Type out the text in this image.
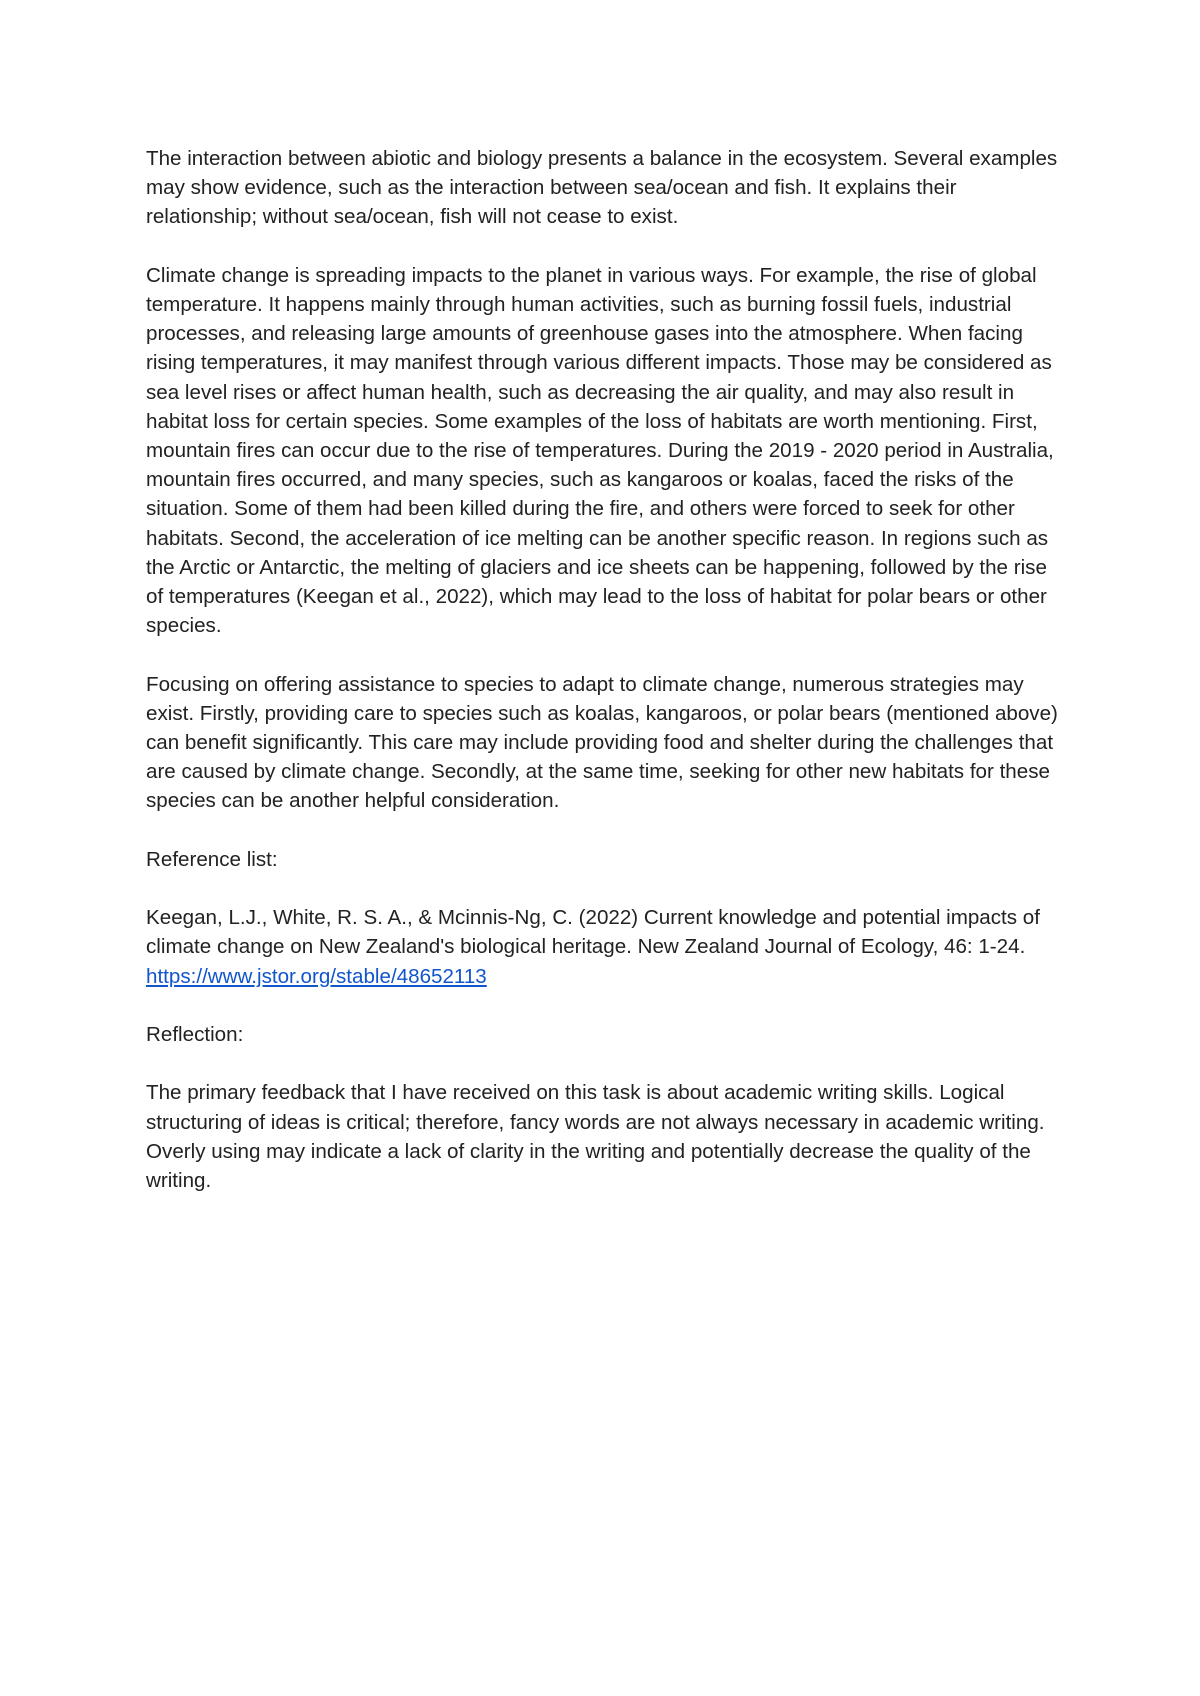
The interaction between abiotic and biology presents a balance in the ecosystem. Several examples may show evidence, such as the interaction between sea/ocean and fish. It explains their relationship; without sea/ocean, fish will not cease to exist.

Climate change is spreading impacts to the planet in various ways. For example, the rise of global temperature. It happens mainly through human activities, such as burning fossil fuels, industrial processes, and releasing large amounts of greenhouse gases into the atmosphere. When facing rising temperatures, it may manifest through various different impacts. Those may be considered as sea level rises or affect human health, such as decreasing the air quality, and may also result in habitat loss for certain species. Some examples of the loss of habitats are worth mentioning. First, mountain fires can occur due to the rise of temperatures. During the 2019 - 2020 period in Australia, mountain fires occurred, and many species, such as kangaroos or koalas, faced the risks of the situation. Some of them had been killed during the fire, and others were forced to seek for other habitats. Second, the acceleration of ice melting can be another specific reason. In regions such as the Arctic or Antarctic, the melting of glaciers and ice sheets can be happening, followed by the rise of temperatures (Keegan et al., 2022), which may lead to the loss of habitat for polar bears or other species.

Focusing on offering assistance to species to adapt to climate change, numerous strategies may exist. Firstly, providing care to species such as koalas, kangaroos, or polar bears (mentioned above) can benefit significantly. This care may include providing food and shelter during the challenges that are caused by climate change. Secondly, at the same time, seeking for other new habitats for these species can be another helpful consideration.

Reference list:

Keegan, L.J., White, R. S. A., & Mcinnis-Ng, C. (2022) Current knowledge and potential impacts of climate change on New Zealand's biological heritage. New Zealand Journal of Ecology, 46: 1-24.

https://www.jstor.org/stable/48652113

Reflection:

The primary feedback that I have received on this task is about academic writing skills. Logical structuring of ideas is critical; therefore, fancy words are not always necessary in academic writing. Overly using may indicate a lack of clarity in the writing and potentially decrease the quality of the writing.
